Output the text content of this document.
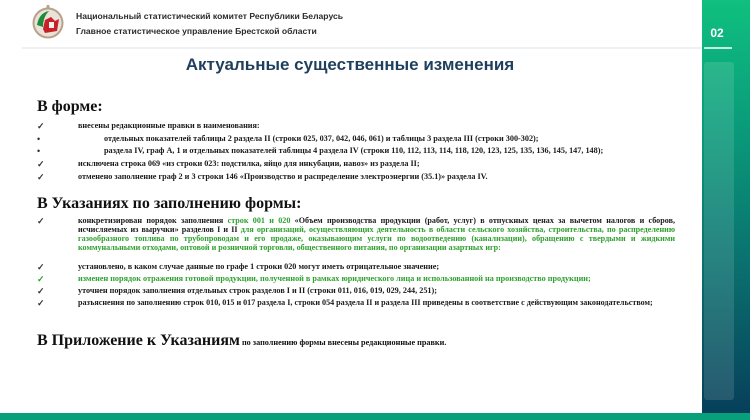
Национальный статистический комитет Республики Беларусь
Главное статистическое управление Брестской области	02
Актуальные существенные изменения
В форме:
✓	внесены редакционные правки в наименования:
•	отдельных показателей таблицы 2 раздела II (строки 025, 037, 042, 046, 061) и таблицы 3 раздела III (строки 300-302);
•	раздела IV, граф А, 1 и отдельных показателей таблицы 4 раздела IV (строки 110, 112, 113, 114, 118, 120, 123, 125, 135, 136, 145, 147, 148);
✓	исключена строка 069 «из строки 023: подстилка, яйцо для инкубации, навоз» из раздела II;
✓	отменено заполнение граф 2 и 3 строки 146 «Производство и распределение электроэнергии (35.1)» раздела IV.
В Указаниях по заполнению формы:
✓	конкретизирован порядок заполнения строк 001 и 020 «Объем производства продукции (работ, услуг) в отпускных ценах за вычетом налогов и сборов, исчисляемых из выручки» разделов I и II для организаций, осуществляющих деятельность в области сельского хозяйства, строительства, по распределению газообразного топлива по трубопроводам и его продаже, оказывающим услуги по водоотведению (канализации), обращению с твердыми и жидкими коммунальными отходами, оптовой и розничной торговли, общественного питания, по организации азартных игр:
✓	установлено, в каком случае данные по графе 1 строки 020 могут иметь отрицательное значение;
✓	изменен порядок отражения готовой продукции, полученной в рамках юридического лица и использованной на производство продукции;
✓	уточнен порядок заполнения отдельных строк разделов I и II (строки 011, 016, 019, 029, 244, 251);
✓	разъяснения по заполнению строк 010, 015 и 017 раздела I, строки 054 раздела II и раздела III приведены в соответствие с действующим законодательством;
В Приложение к Указаниям по заполнению формы внесены редакционные правки.
